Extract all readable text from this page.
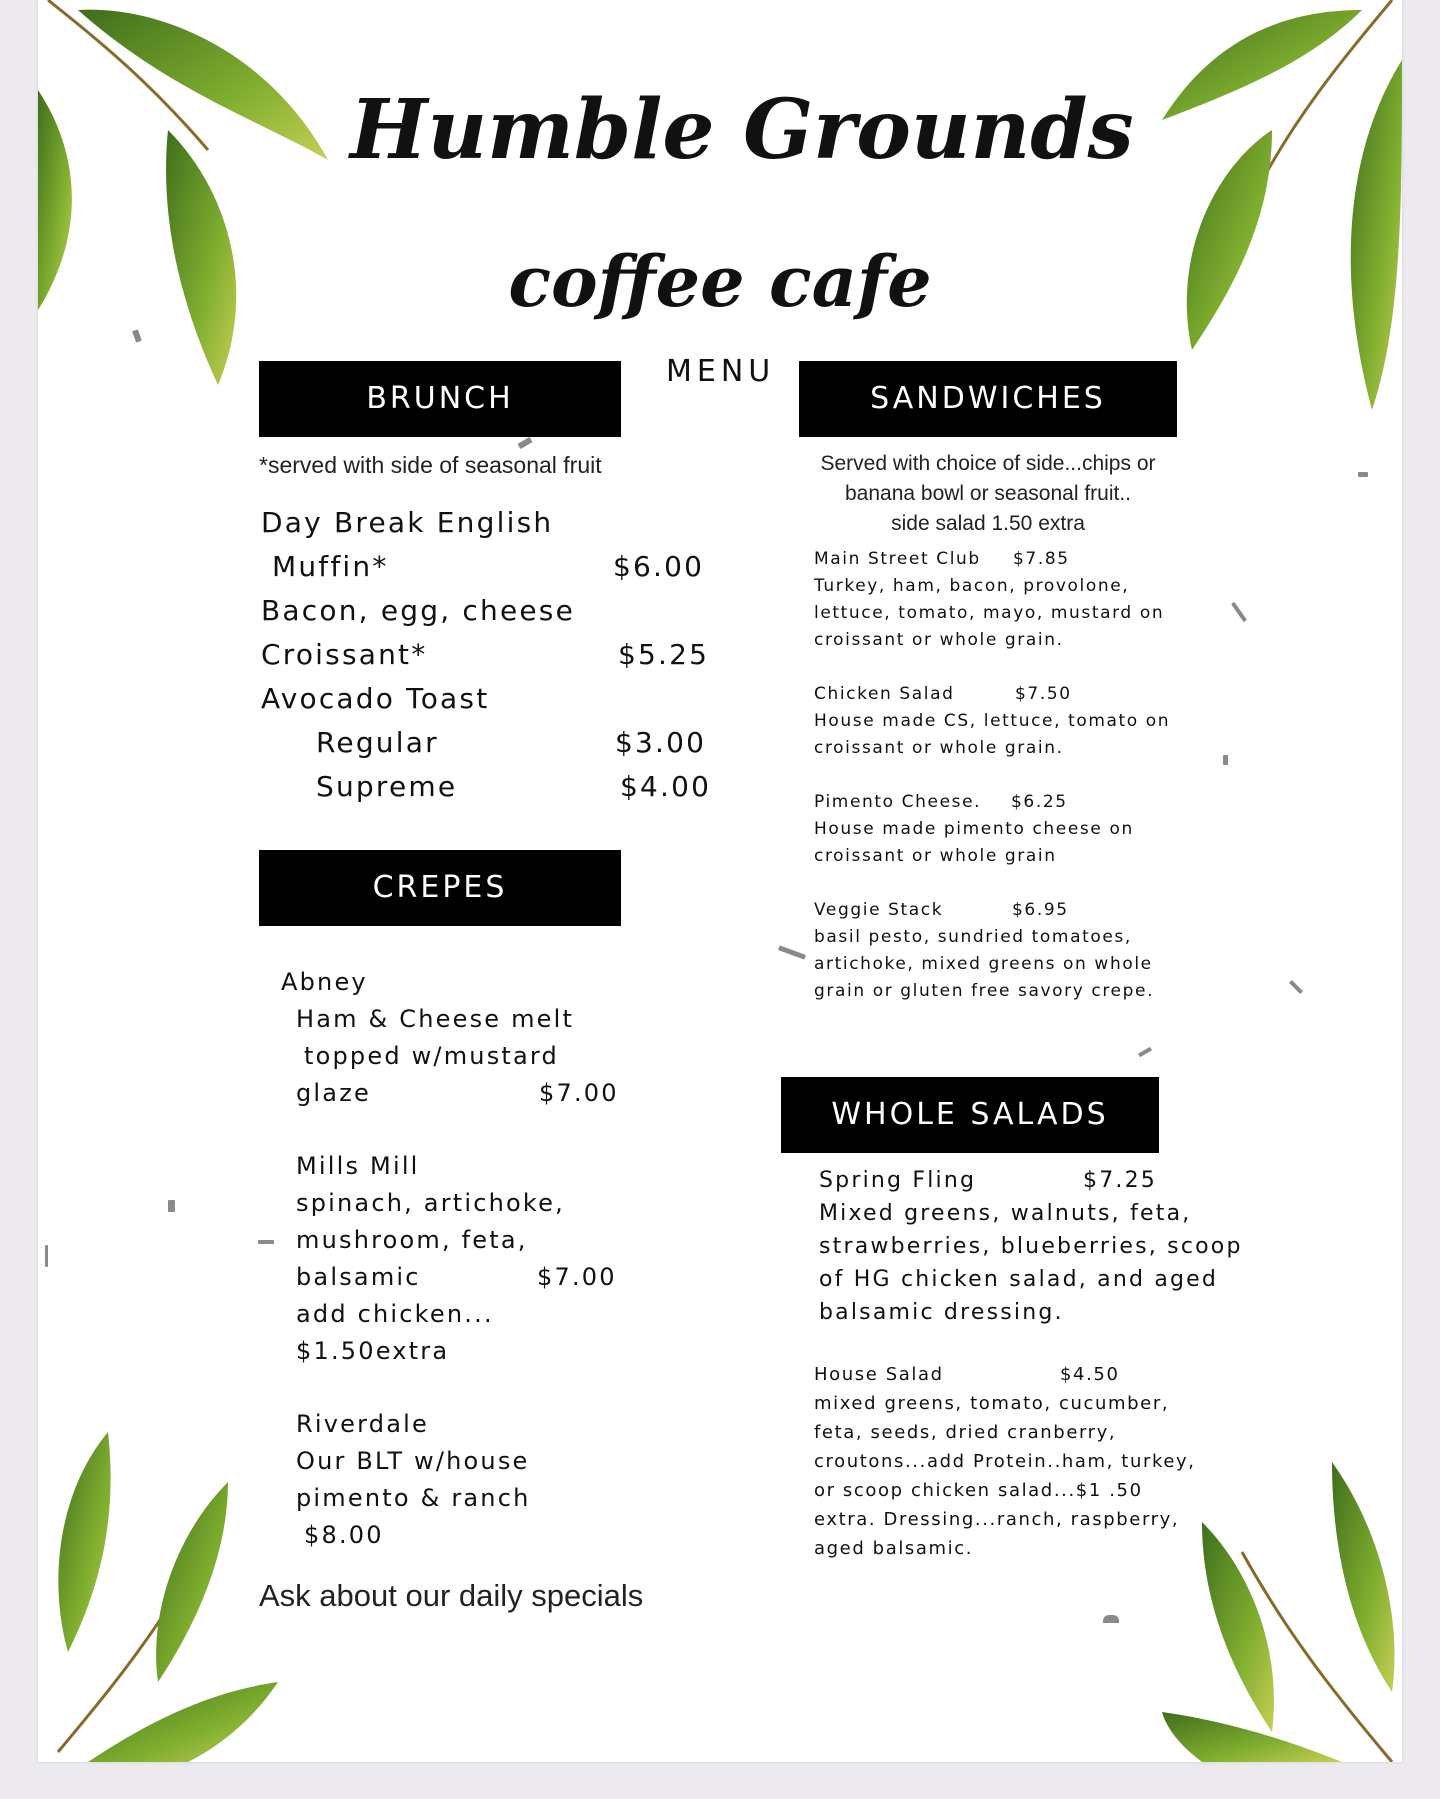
Humble Grounds
coffee cafe
MENU
BRUNCH
*served with side of seasonal fruit
Day Break English
Muffin*	$6.00
Bacon, egg, cheese
Croissant*	$5.25
Avocado Toast
Regular	$3.00
Supreme	$4.00
CREPES
Abney
Ham & Cheese melt
topped w/mustard
glaze	$7.00
Mills Mill
spinach, artichoke,
mushroom, feta,
balsamic	$7.00
add chicken...
$1.50extra
Riverdale
Our BLT w/house
pimento & ranch
$8.00
Ask about our daily specials
SANDWICHES
Served with choice of side...chips or
banana bowl or seasonal fruit..
side salad 1.50 extra
Main Street Club $7.85
Turkey, ham, bacon, provolone,
lettuce, tomato, mayo, mustard on
croissant or whole grain.
Chicken Salad	$7.50
House made CS, lettuce, tomato on
croissant or whole grain.
Pimento Cheese. $6.25
House made pimento cheese on
croissant or whole grain
Veggie Stack	$6.95
basil pesto, sundried tomatoes,
artichoke, mixed greens on whole
grain or gluten free savory crepe.
WHOLE SALADS
Spring Fling	$7.25
Mixed greens, walnuts, feta,
strawberries, blueberries, scoop
of HG chicken salad, and aged
balsamic dressing.
House Salad	$4.50
mixed greens, tomato, cucumber,
feta, seeds, dried cranberry,
croutons...add Protein..ham, turkey,
or scoop chicken salad...$1 .50
extra. Dressing...ranch, raspberry,
aged balsamic.
